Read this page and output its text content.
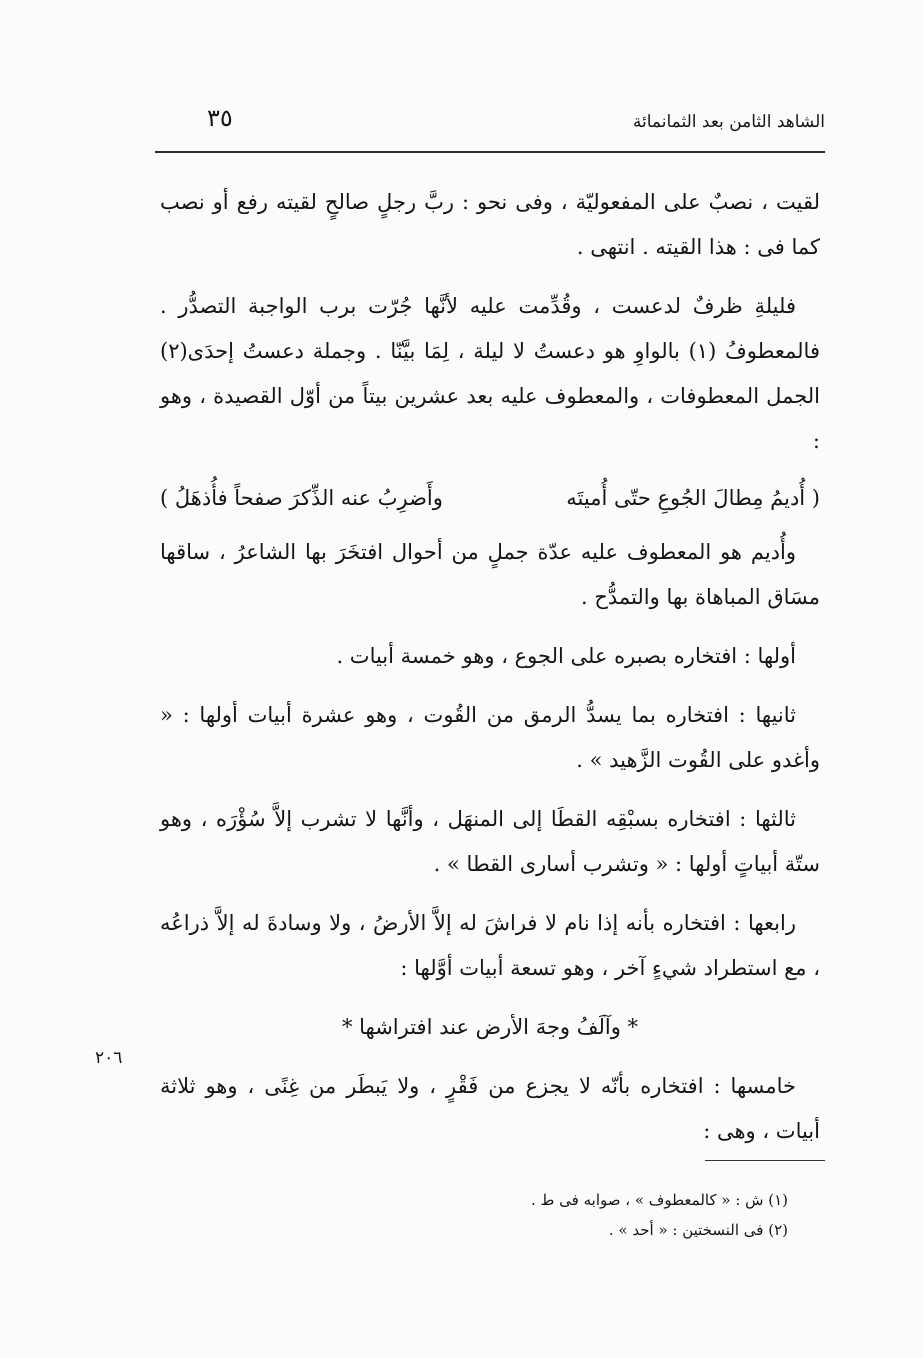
الشاهد الثامن بعد الثمانمائة
٣٥

لقيت ، نصبٌ على المفعوليّة ، وفى نحو : ربَّ رجلٍ صالحٍ لقيته رفع أو نصب كما فى : هذا القيته . انتهى .

فليلةِ ظرفٌ لدعست ، وقُدِّمت عليه لأنَّها جُرّت برب الواجبة التصدُّر . فالمعطوفُ (١) بالواوِ هو دعستُ لا ليلة ، لِمَا بيَّنّا . وجملة دعستُ إحدَى(٢) الجمل المعطوفات ، والمعطوف عليه بعد عشرين بيتاً من أوّل القصيدة ، وهو :

( أُديمُ مِطالَ الجُوعِ حتّى أُميتَه
وأَضرِبُ عنه الذِّكرَ صفحاً فأُذهَلُ )

وأُديم هو المعطوف عليه عدّة جملٍ من أحوال افتخَرَ بها الشاعرُ ، ساقها مسَاق المباهاة بها والتمدُّح .

أولها : افتخاره بصبره على الجوع ، وهو خمسة أبيات .

ثانيها : افتخاره بما يسدُّ الرمق من القُوت ، وهو عشرة أبيات أولها : « وأغدو على القُوت الزَّهيد » .

ثالثها : افتخاره بسبْقِه القطَا إلى المنهَل ، وأنَّها لا تشرب إلاَّ سُؤْرَه ، وهو ستّة أبياتٍ أولها : « وتشرب أسارى القطا » .

رابعها : افتخاره بأنه إذا نام لا فراشَ له إلاَّ الأرضُ ، ولا وسادةَ له إلاَّ ذراعُه ، مع استطراد شيءٍ آخر ، وهو تسعة أبيات أوَّلها :

* وآلَفُ وجهَ الأرض عند افتراشها *

خامسها : افتخاره بأنّه لا يجزع من فَقْرٍ ، ولا يَبطَر من غِنًى ، وهو ثلاثة أبيات ، وهى :

٢٠٦

(١) ش : « كالمعطوف » ، صوابه فى ط .

(٢) فى النسختين : « أحد » .
